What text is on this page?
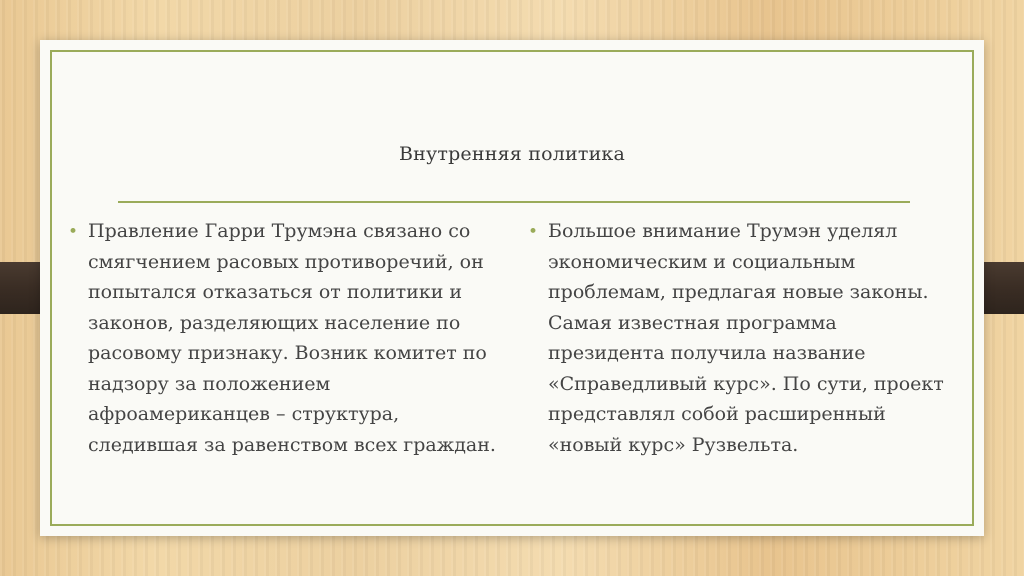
Внутренняя политика
• Правление Гарри Трумэна связано со
смягчением расовых противоречий, он
попытался отказаться от политики и
законов, разделяющих население по
расовому признаку. Возник комитет по
надзору за положением
афроамериканцев – структура,
следившая за равенством всех граждан.
• Большое внимание Трумэн уделял
экономическим и социальным
проблемам, предлагая новые законы.
Самая известная программа
президента получила название
«Справедливый курс». По сути, проект
представлял собой расширенный
«новый курс» Рузвельта.
